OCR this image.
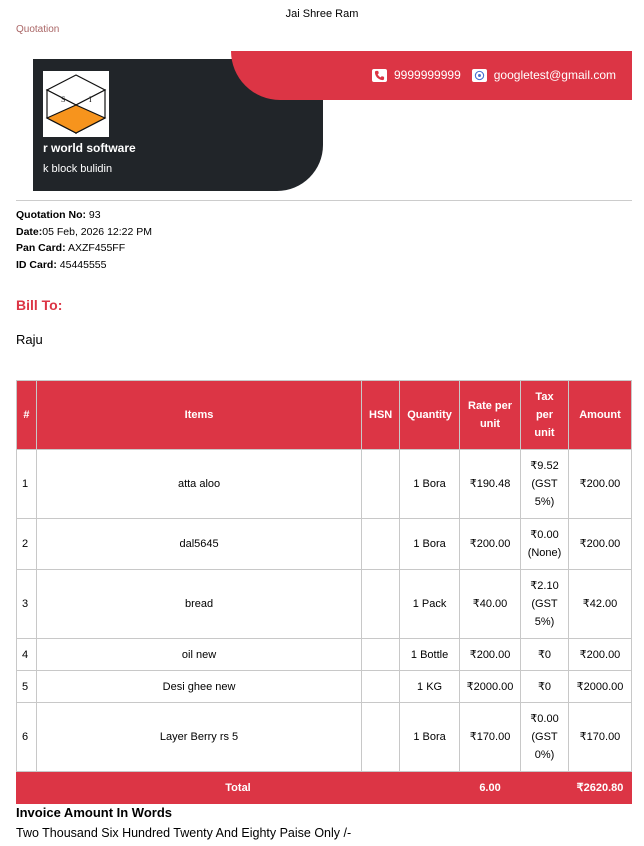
Jai Shree Ram
Quotation
9999999999	googletest@gmail.com
S	I
r world software
k block bulidin
Quotation No: 93
Date:05 Feb, 2026 12:22 PM
Pan Card: AXZF455FF
ID Card: 45445555
Bill To:
Raju
#	Items	HSN	Quantity	Rate per
unit	Tax
per
unit	Amount
1	atta aloo		1 Bora	₹190.48	₹9.52
(GST
5%)	₹200.00
2	dal5645		1 Bora	₹200.00	₹0.00
(None)	₹200.00
3	bread		1 Pack	₹40.00	₹2.10
(GST
5%)	₹42.00
4	oil new		1 Bottle	₹200.00	₹0	₹200.00
5	Desi ghee new		1 KG	₹2000.00	₹0	₹2000.00
6	Layer Berry rs 5		1 Bora	₹170.00	₹0.00
(GST
0%)	₹170.00
Total				6.00		₹2620.80
Invoice Amount In Words
Two Thousand Six Hundred Twenty And Eighty Paise Only /-
